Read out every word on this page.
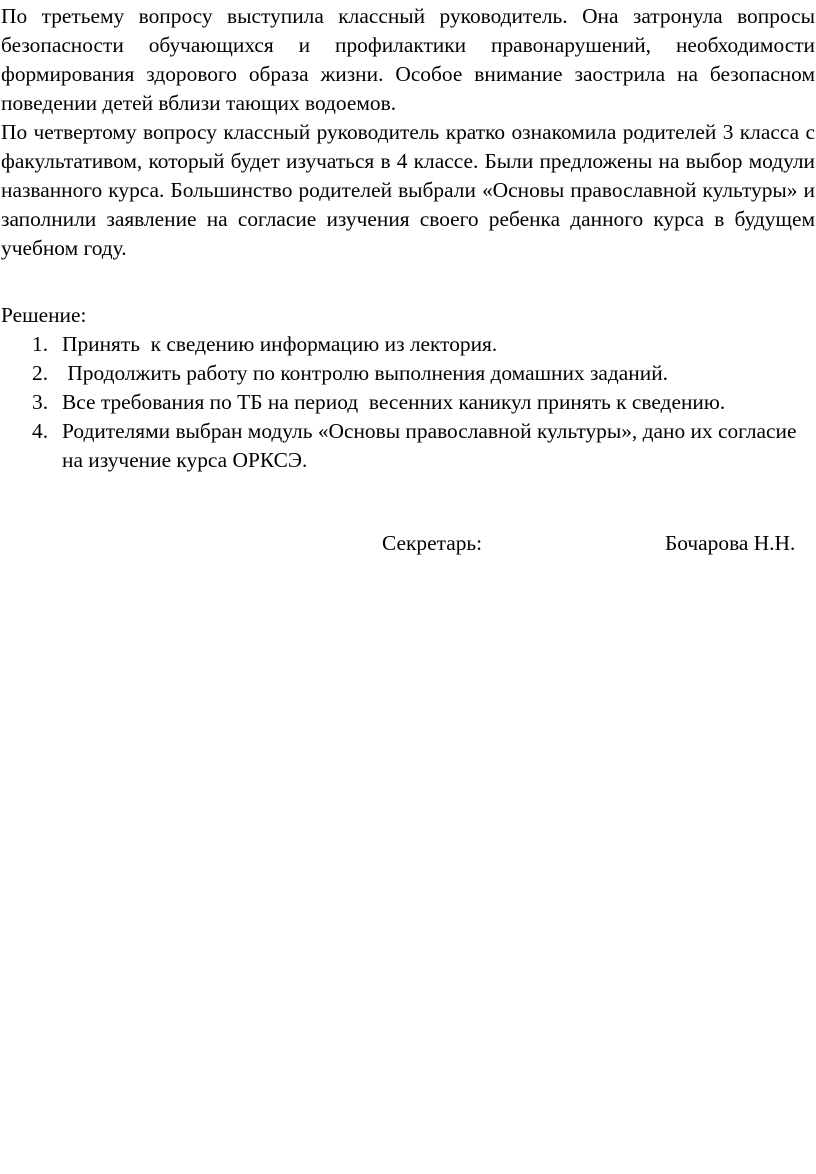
По третьему вопросу выступила классный руководитель. Она затронула вопросы безопасности обучающихся и профилактики правонарушений, необходимости формирования здорового образа жизни. Особое внимание заострила на безопасном поведении детей вблизи тающих водоемов.

По четвертому вопросу классный руководитель кратко ознакомила родителей 3 класса с факультативом, который будет изучаться в 4 классе. Были предложены на выбор модули названного курса. Большинство родителей выбрали «Основы православной культуры» и заполнили заявление на согласие изучения своего ребенка данного курса в будущем учебном году.

Решение:

1. Принять  к сведению информацию из лектория.
2. Продолжить работу по контролю выполнения домашних заданий.
3. Все требования по ТБ на период  весенних каникул принять к сведению.
4. Родителями выбран модуль «Основы православной культуры», дано их согласие на изучение курса ОРКСЭ.
Секретарь:	Бочарова Н.Н.
